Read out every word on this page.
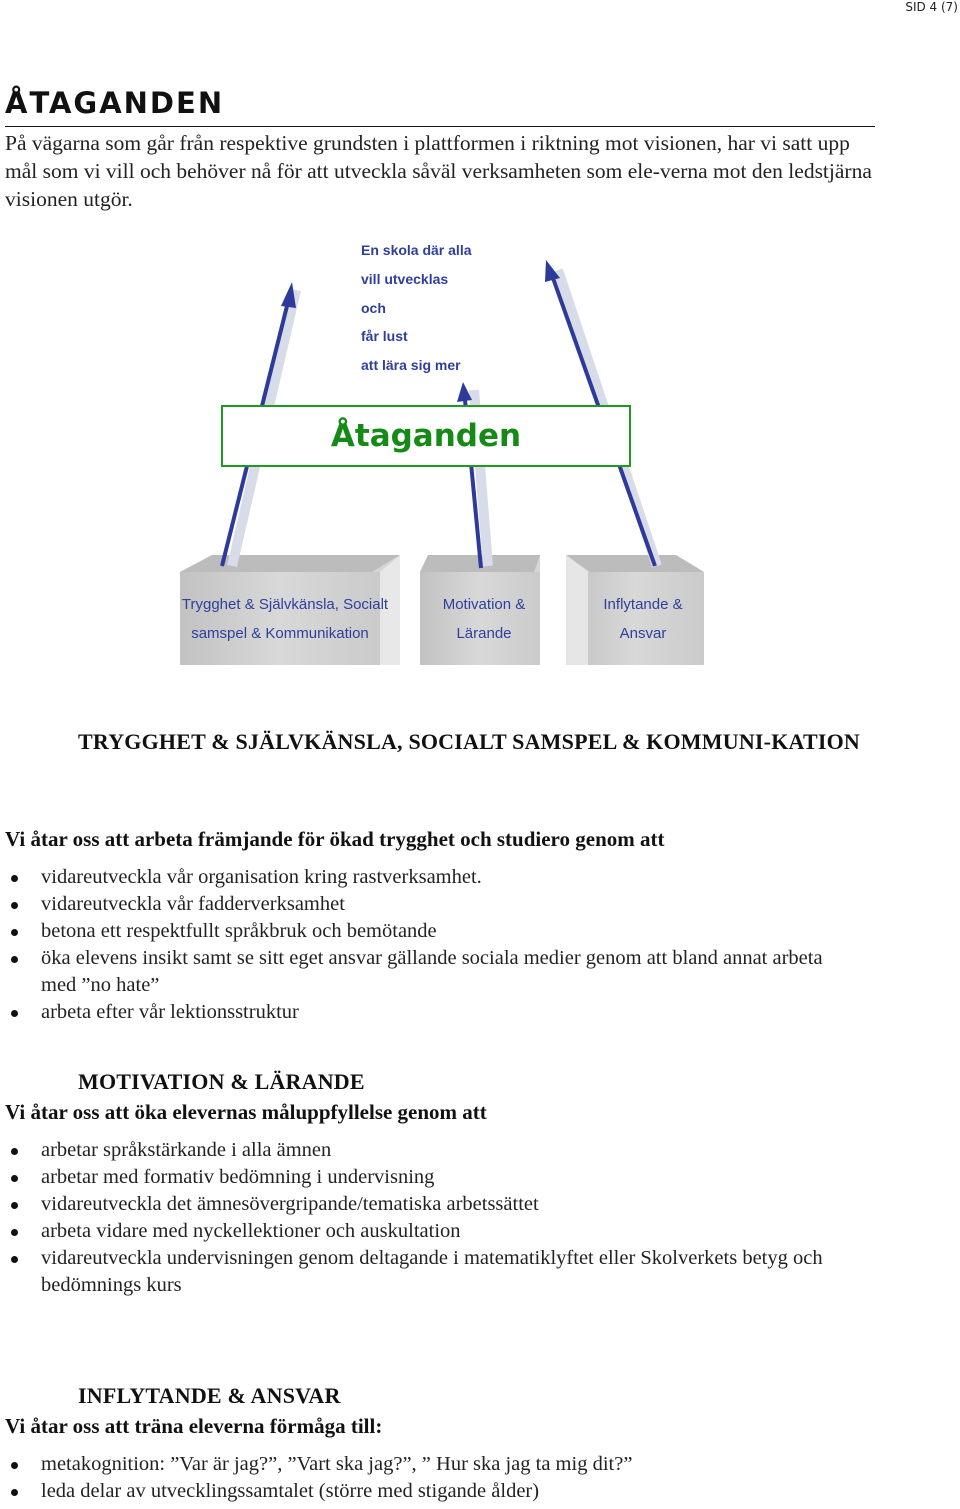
SID 4 (7)
ÅTAGANDEN

På vägarna som går från respektive grundsten i plattformen i riktning mot visionen, har vi satt upp mål som vi vill och behöver nå för att utveckla såväl verksamheten som ele-verna mot den ledstjärna visionen utgör.

En skola där alla
vill utvecklas
och
får lust
att lära sig mer
Åtaganden
Trygghet & Självkänsla, Socialt
samspel & Kommunikation
Motivation &
Lärande
Inflytande &
Ansvar
TRYGGHET & SJÄLVKÄNSLA, SOCIALT SAMSPEL & KOMMUNI-KATION

Vi åtar oss att arbeta främjande för ökad trygghet och studiero genom att

vidareutveckla vår organisation kring rastverksamhet.
vidareutveckla vår fadderverksamhet
betona ett respektfullt språkbruk och bemötande
öka elevens insikt samt se sitt eget ansvar gällande sociala medier genom att bland annat arbeta med ”no hate”
arbeta efter vår lektionsstruktur
MOTIVATION & LÄRANDE

Vi åtar oss att öka elevernas måluppfyllelse genom att

arbetar språkstärkande i alla ämnen
arbetar med formativ bedömning i undervisning
vidareutveckla det ämnesövergripande/tematiska arbetssättet
arbeta vidare med nyckellektioner och auskultation
vidareutveckla undervisningen genom deltagande i matematiklyftet eller Skolverkets betyg och bedömnings kurs
INFLYTANDE & ANSVAR

Vi åtar oss att träna eleverna förmåga till:

metakognition: ”Var är jag?”, ”Vart ska jag?”, ” Hur ska jag ta mig dit?”
leda delar av utvecklingssamtalet (större med stigande ålder)
